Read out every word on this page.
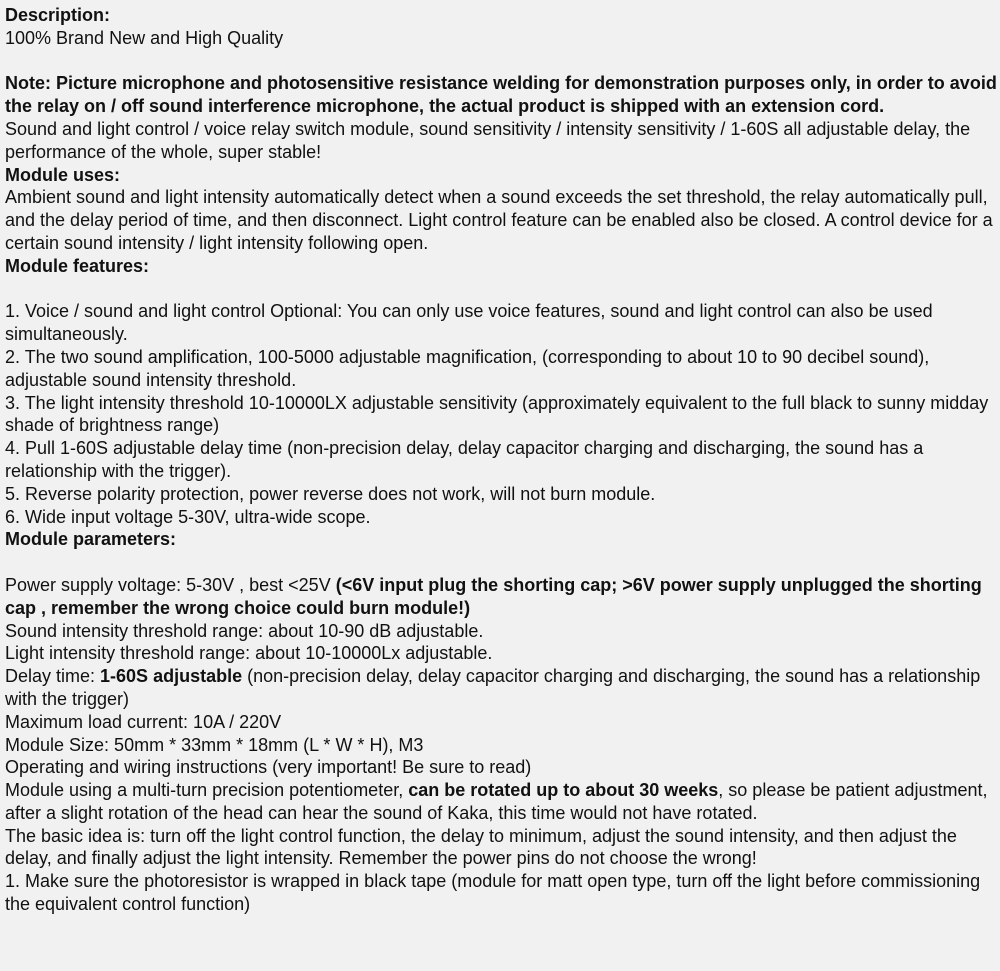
Description:

100% Brand New and High Quality

Note: Picture microphone and photosensitive resistance welding for demonstration purposes only, in order to avoid the relay on / off sound interference microphone, the actual product is shipped with an extension cord.

Sound and light control / voice relay switch module, sound sensitivity / intensity sensitivity / 1-60S all adjustable delay, the performance of the whole, super stable!

Module uses:

Ambient sound and light intensity automatically detect when a sound exceeds the set threshold, the relay automatically pull, and the delay period of time, and then disconnect. Light control feature can be enabled also be closed. A control device for a certain sound intensity / light intensity following open.

Module features:

1. Voice / sound and light control Optional: You can only use voice features, sound and light control can also be used simultaneously.

2. The two sound amplification, 100-5000 adjustable magnification, (corresponding to about 10 to 90 decibel sound), adjustable sound intensity threshold.

3. The light intensity threshold 10-10000LX adjustable sensitivity (approximately equivalent to the full black to sunny midday shade of brightness range)

4. Pull 1-60S adjustable delay time (non-precision delay, delay capacitor charging and discharging, the sound has a relationship with the trigger).

5. Reverse polarity protection, power reverse does not work, will not burn module.

6. Wide input voltage 5-30V, ultra-wide scope.

Module parameters:

Power supply voltage: 5-30V , best <25V (<6V input plug the shorting cap; >6V power supply unplugged the shorting cap , remember the wrong choice could burn module!)

Sound intensity threshold range: about 10-90 dB adjustable.

Light intensity threshold range: about 10-10000Lx adjustable.

Delay time: 1-60S adjustable (non-precision delay, delay capacitor charging and discharging, the sound has a relationship with the trigger)

Maximum load current: 10A / 220V

Module Size: 50mm * 33mm * 18mm (L * W * H), M3

Operating and wiring instructions (very important! Be sure to read)

Module using a multi-turn precision potentiometer, can be rotated up to about 30 weeks, so please be patient adjustment, after a slight rotation of the head can hear the sound of Kaka, this time would not have rotated.

The basic idea is: turn off the light control function, the delay to minimum, adjust the sound intensity, and then adjust the delay, and finally adjust the light intensity. Remember the power pins do not choose the wrong!

1. Make sure the photoresistor is wrapped in black tape (module for matt open type, turn off the light before commissioning the equivalent control function)
